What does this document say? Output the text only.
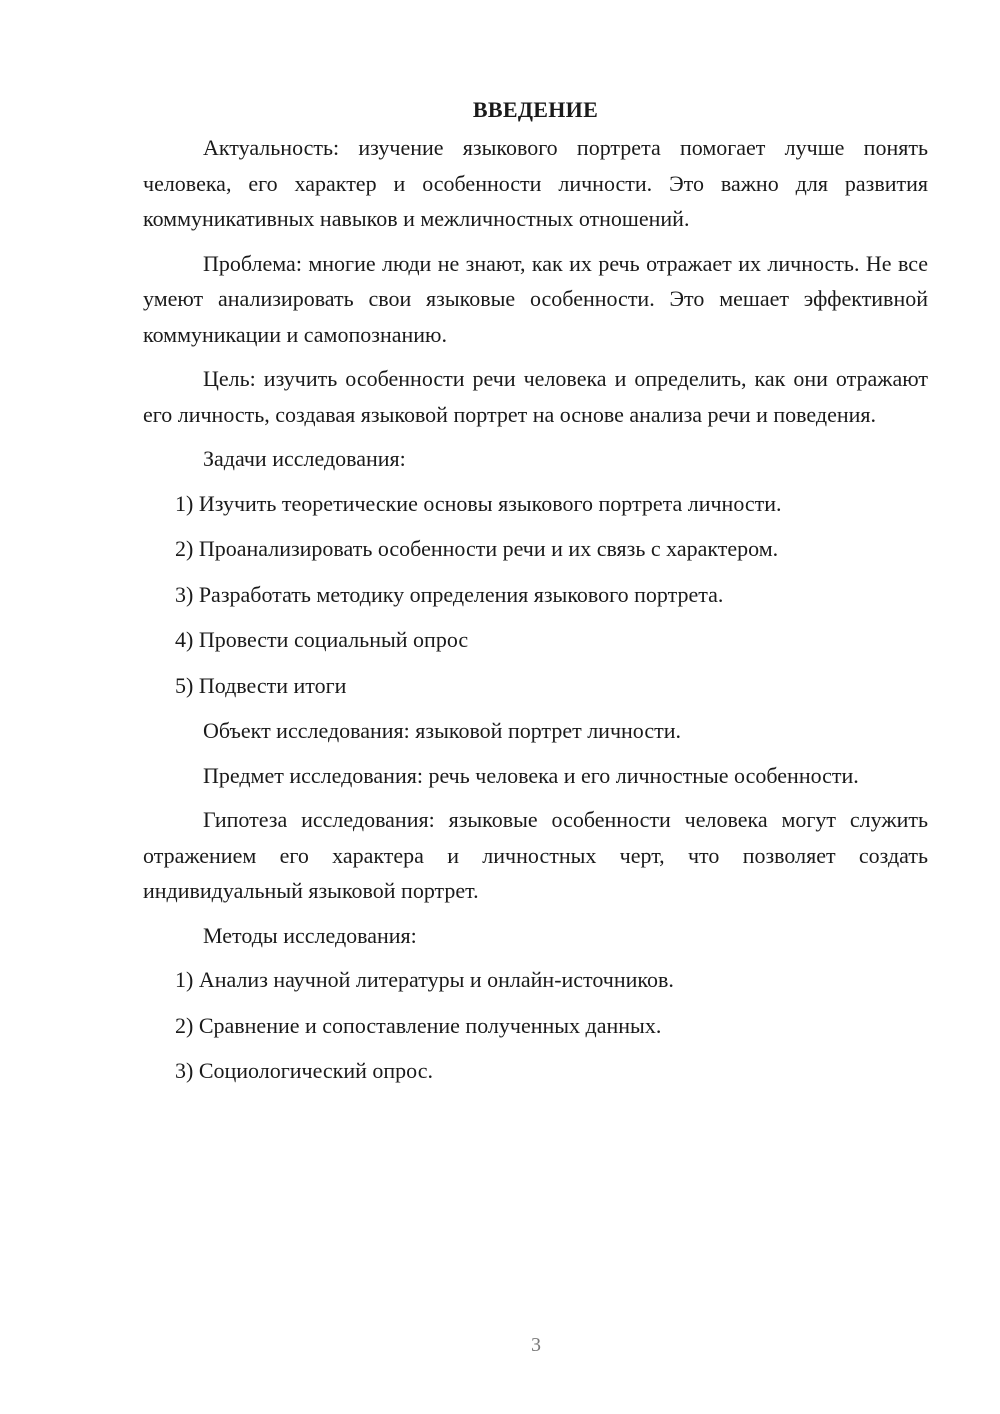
ВВЕДЕНИЕ

Актуальность: изучение языкового портрета помогает лучше понять человека, его характер и особенности личности. Это важно для развития коммуникативных навыков и межличностных отношений.

Проблема: многие люди не знают, как их речь отражает их личность. Не все умеют анализировать свои языковые особенности. Это мешает эффективной коммуникации и самопознанию.

Цель: изучить особенности речи человека и определить, как они отражают его личность, создавая языковой портрет на основе анализа речи и поведения.

Задачи исследования:

1) Изучить теоретические основы языкового портрета личности.
2) Проанализировать особенности речи и их связь с характером.
3) Разработать методику определения языкового портрета.
4) Провести социальный опрос
5) Подвести итоги

Объект исследования: языковой портрет личности.

Предмет исследования: речь человека и его личностные особенности.

Гипотеза исследования: языковые особенности человека могут служить отражением его характера и личностных черт, что позволяет создать индивидуальный языковой портрет.

Методы исследования:

1) Анализ научной литературы и онлайн-источников.
2) Сравнение и сопоставление полученных данных.
3) Социологический опрос.
3
